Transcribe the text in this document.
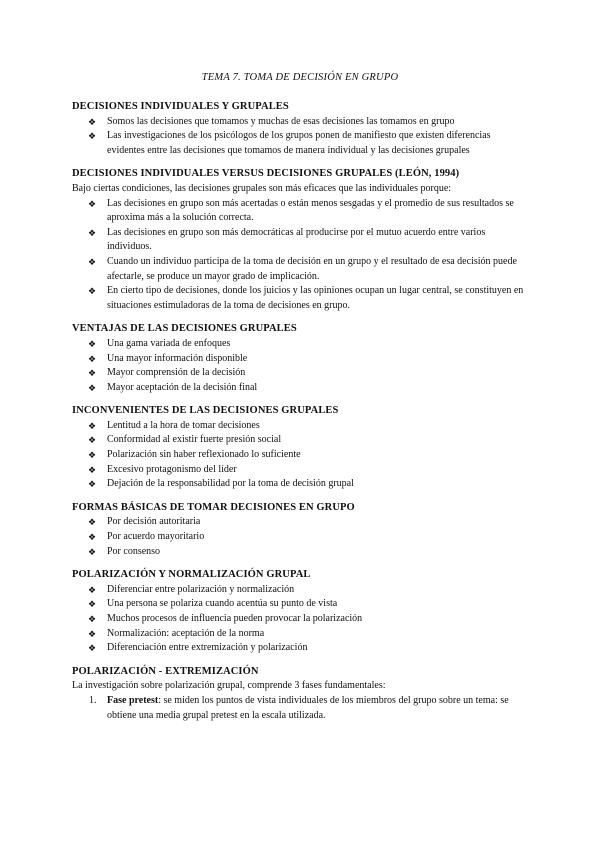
TEMA 7. TOMA DE DECISIÓN EN GRUPO

DECISIONES INDIVIDUALES Y GRUPALES

❖ Somos las decisiones que tomamos y muchas de esas decisiones las tomamos en grupo
❖ Las investigaciones de los psicólogos de los grupos ponen de manifiesto que existen diferencias evidentes entre las decisiones que tomamos de manera individual y las decisiones grupales

DECISIONES INDIVIDUALES VERSUS DECISIONES GRUPALES (LEÓN, 1994)

Bajo ciertas condiciones, las decisiones grupales son más eficaces que las individuales porque:

❖ Las decisiones en grupo son más acertadas o están menos sesgadas y el promedio de sus resultados se aproxima más a la solución correcta.
❖ Las decisiones en grupo son más democráticas al producirse por el mutuo acuerdo entre varios individuos.
❖ Cuando un individuo participa de la toma de decisión en un grupo y el resultado de esa decisión puede afectarle, se produce un mayor grado de implicación.
❖ En cierto tipo de decisiones, donde los juicios y las opiniones ocupan un lugar central, se constituyen en situaciones estimuladoras de la toma de decisiones en grupo.

VENTAJAS DE LAS DECISIONES GRUPALES

❖ Una gama variada de enfoques
❖ Una mayor información disponible
❖ Mayor comprensión de la decisión
❖ Mayor aceptación de la decisión final

INCONVENIENTES DE LAS DECISIONES GRUPALES

❖ Lentitud a la hora de tomar decisiones
❖ Conformidad al existir fuerte presión social
❖ Polarización sin haber reflexionado lo suficiente
❖ Excesivo protagonismo del líder
❖ Dejación de la responsabilidad por la toma de decisión grupal

FORMAS BÁSICAS DE TOMAR DECISIONES EN GRUPO

❖ Por decisión autoritaria
❖ Por acuerdo mayoritario
❖ Por consenso

POLARIZACIÓN Y NORMALIZACIÓN GRUPAL

❖ Diferenciar entre polarización y normalización
❖ Una persona se polariza cuando acentúa su punto de vista
❖ Muchos procesos de influencia pueden provocar la polarización
❖ Normalización: aceptación de la norma
❖ Diferenciación entre extremización y polarización

POLARIZACIÓN - EXTREMIZACIÓN

La investigación sobre polarización grupal, comprende 3 fases fundamentales:

1. Fase pretest: se miden los puntos de vista individuales de los miembros del grupo sobre un tema: se obtiene una media grupal pretest en la escala utilizada.
